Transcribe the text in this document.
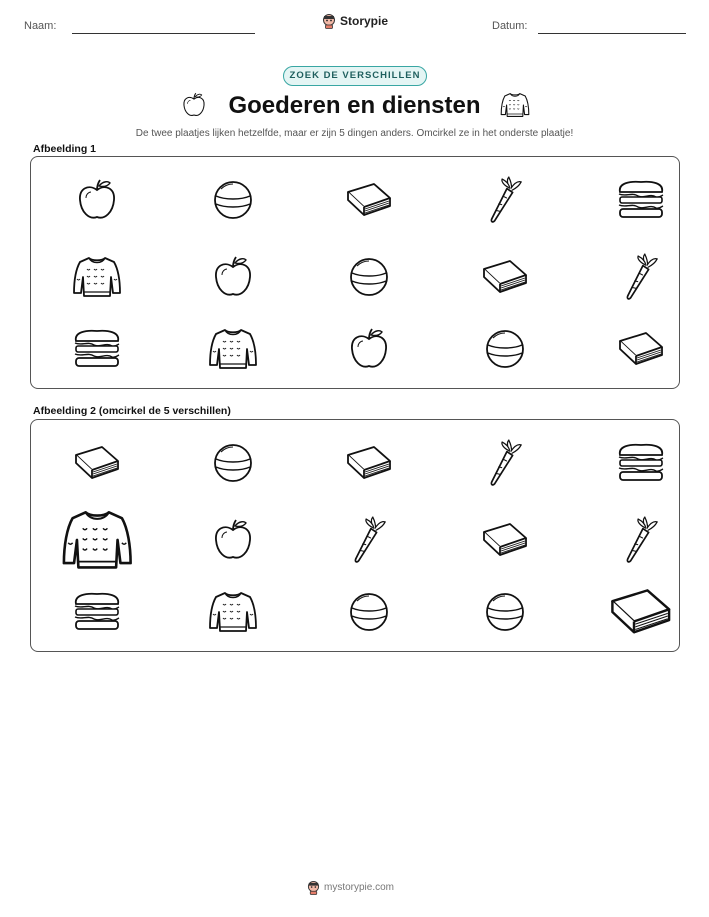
Naam:	Storypie	Datum:
ZOEK DE VERSCHILLEN
Goederen en diensten
De twee plaatjes lijken hetzelfde, maar er zijn 5 dingen anders. Omcirkel ze in het onderste plaatje!
Afbeelding 1
Afbeelding 2 (omcirkel de 5 verschillen)
mystorypie.com
